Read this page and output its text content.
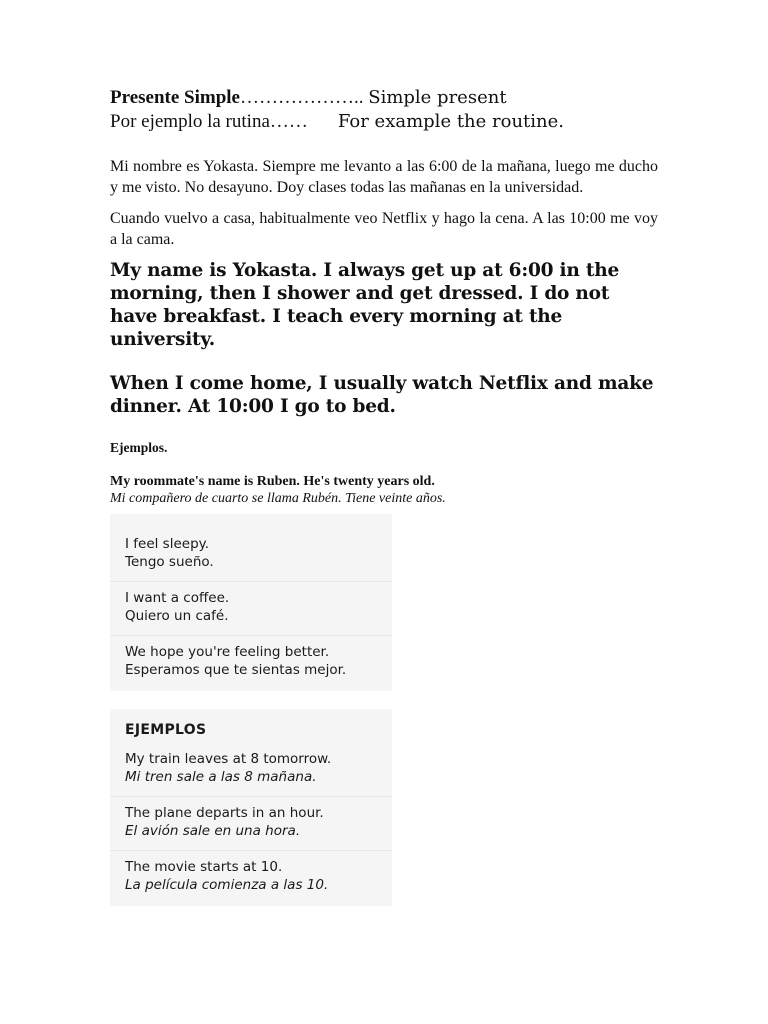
Presente Simple……………….. Simple present
Por ejemplo la rutina…… For example the routine.

Mi nombre es Yokasta. Siempre me levanto a las 6:00 de la mañana, luego me ducho y me visto. No desayuno. Doy clases todas las mañanas en la universidad.

Cuando vuelvo a casa, habitualmente veo Netflix y hago la cena. A las 10:00 me voy a la cama.

My name is Yokasta. I always get up at 6:00 in the morning, then I shower and get dressed. I do not have breakfast. I teach every morning at the university.

When I come home, I usually watch Netflix and make dinner. At 10:00 I go to bed.

Ejemplos.

My roommate's name is Ruben. He's twenty years old.

Mi compañero de cuarto se llama Rubén. Tiene veinte años.

I feel sleepy.
Tengo sueño.
I want a coffee.
Quiero un café.
We hope you're feeling better.
Esperamos que te sientas mejor.
EJEMPLOS
My train leaves at 8 tomorrow.
Mi tren sale a las 8 mañana.
The plane departs in an hour.
El avión sale en una hora.
The movie starts at 10.
La película comienza a las 10.
